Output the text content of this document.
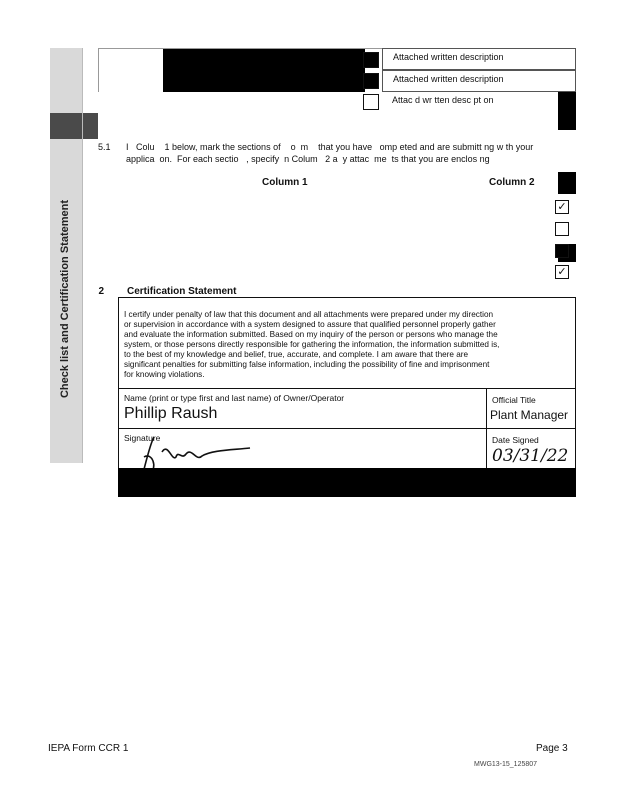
Check list and Certification Statement
Attached written description
Attached written description
Attac d wr tten desc pt on
5.1 I   Colu    1 below, mark the sections of    o  m    that you have   omp eted and are submitt ng w th your
applica  on.  For each sectio   , specify  n Colum   2 a  y attac  me  ts that you are enclos ng
Column 1	Column 2
✓
✓
2 Certification Statement
I certify under penalty of law that this document and all attachments were prepared under my direction
or supervision in accordance with a system designed to assure that qualified personnel properly gather
and evaluate the information submitted. Based on my inquiry of the person or persons who manage the
system, or those persons directly responsible for gathering the information, the information submitted is,
to the best of my knowledge and belief, true, accurate, and complete. I am aware that there are
significant penalties for submitting false information, including the possibility of fine and imprisonment
for knowing violations.
Name (print or type first and last name) of Owner/Operator
Phillip Raush
Official Title
Plant Manager
Signature	Date Signed
03/31/22
IEPA Form CCR 1	Page 3
MWG13-15_125807
